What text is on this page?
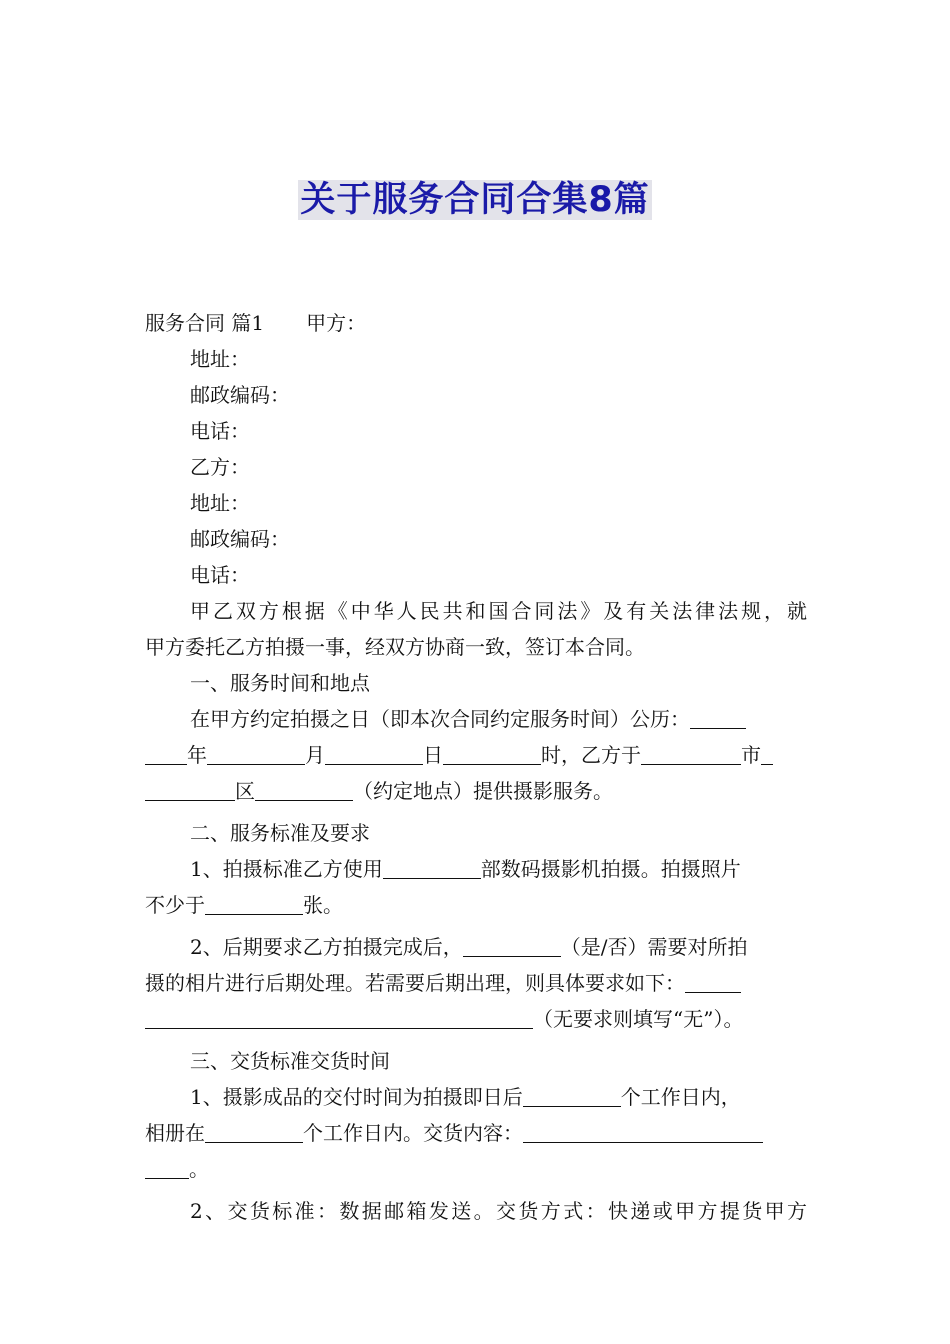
关于服务合同合集8篇
服务合同 篇1 甲方：
地址：
邮政编码：
电话：
乙方：
地址：
邮政编码：
电话：
甲乙双方根据《中华人民共和国合同法》及有关法律法规，就
甲方委托乙方拍摄一事，经双方协商一致，签订本合同。
一、服务时间和地点
在甲方约定拍摄之日（即本次合同约定服务时间）公历：
年	月	日	时，乙方于	市
区	（约定地点）提供摄影服务。
二、服务标准及要求
1、拍摄标准乙方使用	部数码摄影机拍摄。拍摄照片
不少于	张。
2、后期要求乙方拍摄完成后，	（是/否）需要对所拍
摄的相片进行后期处理。若需要后期出理，则具体要求如下：
（无要求则填写“无”）。
三、交货标准交货时间
1、摄影成品的交付时间为拍摄即日后	个工作日内，
相册在	个工作日内。交货内容：
。
2、交货标准：数据邮箱发送。交货方式：快递或甲方提货甲方
